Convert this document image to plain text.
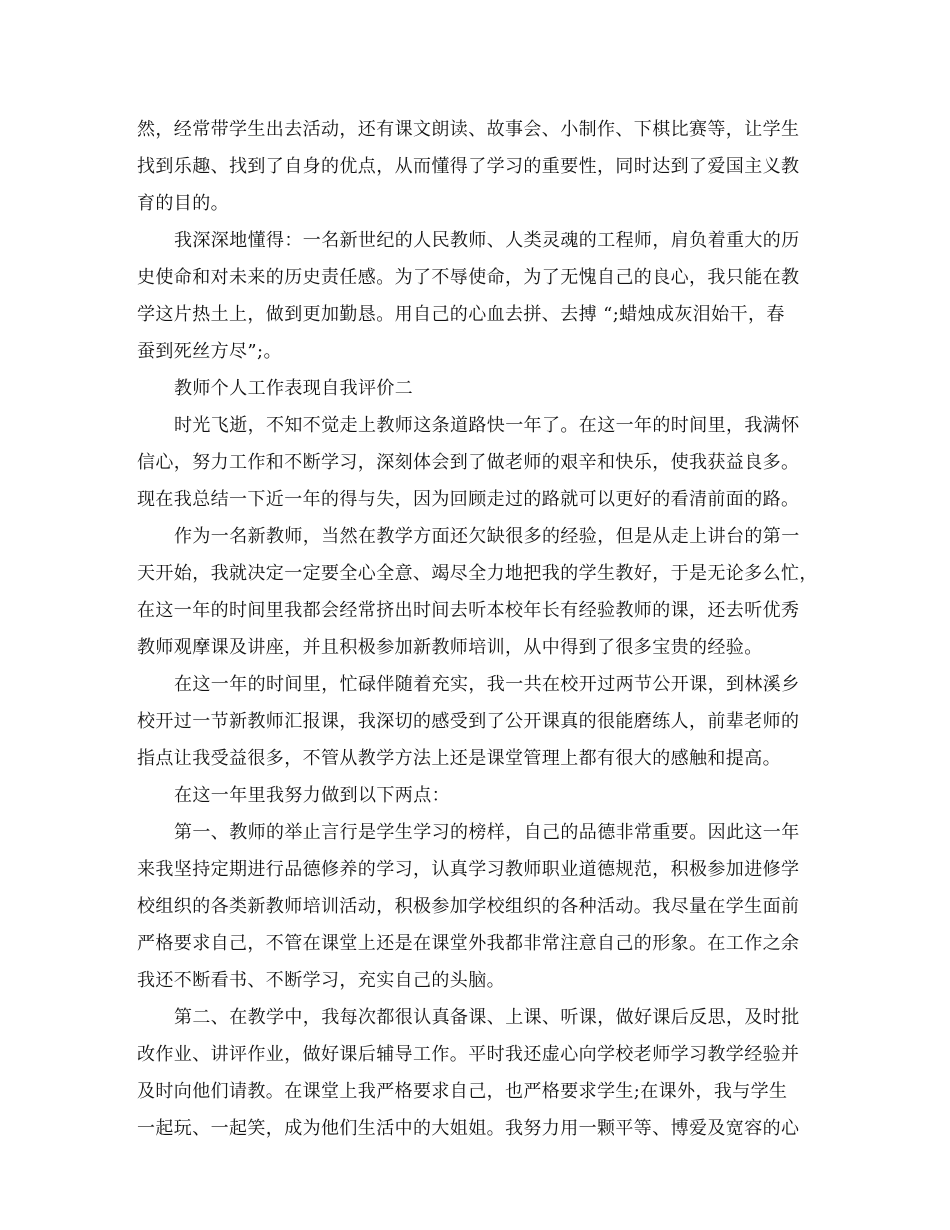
然，经常带学生出去活动，还有课文朗读、故事会、小制作、下棋比赛等，让学生
找到乐趣、找到了自身的优点，从而懂得了学习的重要性，同时达到了爱国主义教
育的目的。
我深深地懂得：一名新世纪的人民教师、人类灵魂的工程师，肩负着重大的历
史使命和对未来的历史责任感。为了不辱使命，为了无愧自己的良心，我只能在教
学这片热土上，做到更加勤恳。用自己的心血去拼、去搏 “;蜡烛成灰泪始干，春
蚕到死丝方尽”;。
教师个人工作表现自我评价二
时光飞逝，不知不觉走上教师这条道路快一年了。在这一年的时间里，我满怀
信心，努力工作和不断学习，深刻体会到了做老师的艰辛和快乐，使我获益良多。
现在我总结一下近一年的得与失，因为回顾走过的路就可以更好的看清前面的路。
作为一名新教师，当然在教学方面还欠缺很多的经验，但是从走上讲台的第一
天开始，我就决定一定要全心全意、竭尽全力地把我的学生教好，于是无论多么忙，
在这一年的时间里我都会经常挤出时间去听本校年长有经验教师的课，还去听优秀
教师观摩课及讲座，并且积极参加新教师培训，从中得到了很多宝贵的经验。
在这一年的时间里，忙碌伴随着充实，我一共在校开过两节公开课，到林溪乡
校开过一节新教师汇报课，我深切的感受到了公开课真的很能磨练人，前辈老师的
指点让我受益很多，不管从教学方法上还是课堂管理上都有很大的感触和提高。
在这一年里我努力做到以下两点：
第一、教师的举止言行是学生学习的榜样，自己的品德非常重要。因此这一年
来我坚持定期进行品德修养的学习，认真学习教师职业道德规范，积极参加进修学
校组织的各类新教师培训活动，积极参加学校组织的各种活动。我尽量在学生面前
严格要求自己，不管在课堂上还是在课堂外我都非常注意自己的形象。在工作之余
我还不断看书、不断学习，充实自己的头脑。
第二、在教学中，我每次都很认真备课、上课、听课，做好课后反思，及时批
改作业、讲评作业，做好课后辅导工作。平时我还虚心向学校老师学习教学经验并
及时向他们请教。在课堂上我严格要求自己，也严格要求学生;在课外，我与学生
一起玩、一起笑，成为他们生活中的大姐姐。我努力用一颗平等、博爱及宽容的心
